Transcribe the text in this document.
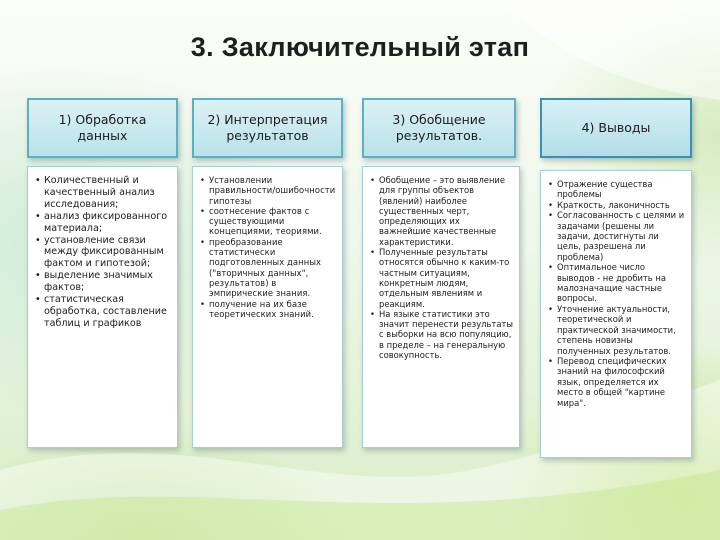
3. Заключительный этап
1) Обработка
данных
• Количественный и качественный анализ исследования;
• анализ фиксированного материала;
• установление связи между фиксированным фактом и гипотезой;
• выделение значимых фактов;
• статистическая обработка, составление таблиц и графиков
2) Интерпретация
результатов
• Установлении правильности/ошибочности гипотезы
• соотнесение фактов с существующими концепциями, теориями.
• преобразование статистически подготовленных данных ("вторичных данных", результатов) в эмпирические знания.
• получение на их базе теоретических знаний.
3) Обобщение
результатов.
• Обобщение – это выявление для группы объектов (явлений) наиболее существенных черт, определяющих их важнейшие качественные характеристики.
• Полученные результаты относятся обычно к каким-то частным ситуациям, конкретным людям, отдельным явлениям и реакциям.
• На языке статистики это значит перенести результаты с выборки на всю популяцию, в пределе – на генеральную совокупность.
4) Выводы
• Отражение существа проблемы
• Краткость, лаконичность
• Согласованность с целями и задачами (решены ли задачи, достигнуты ли цель, разрешена ли проблема)
• Оптимальное число выводов - не дробить на малозначащие частные вопросы.
• Уточнение актуальности, теоретической и практической значимости, степень новизны полученных результатов.
• Перевод специфических знаний на философский язык, определяется их место в общей "картине мира".
